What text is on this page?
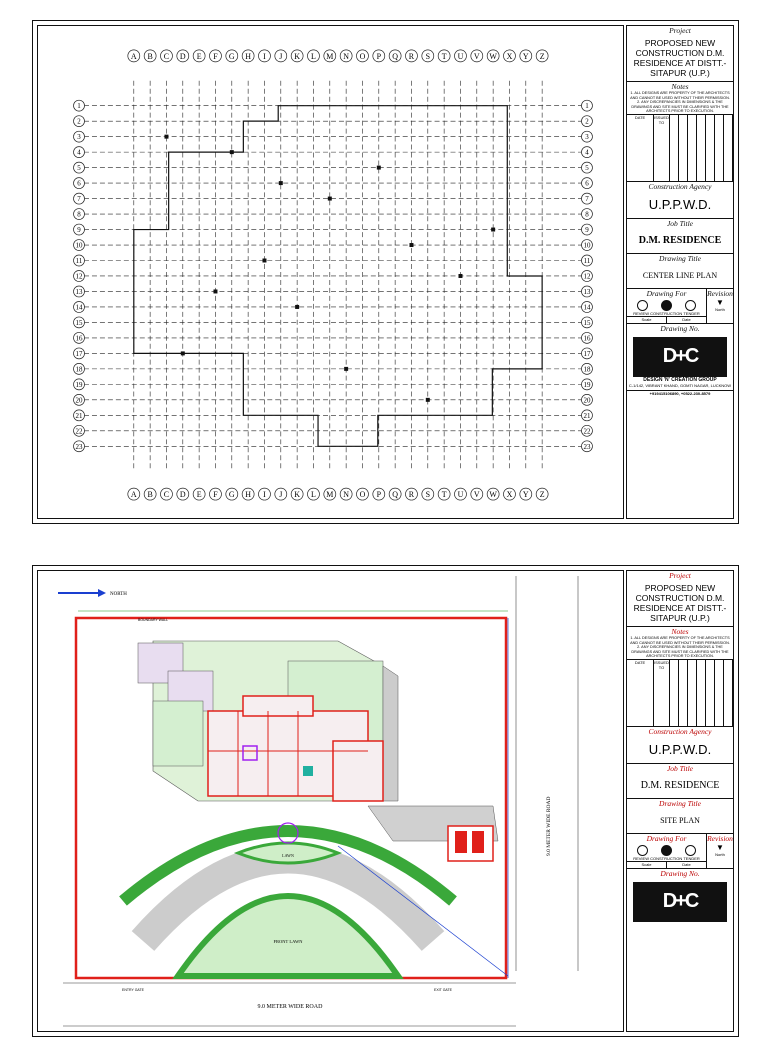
A
A
B
B
C
C
D
D
E
E
F
F
G
G
H
H
I
I
J
J
K
K
L
L
M
M
N
N
O
O
P
P
Q
Q
R
R
S
S
T
T
U
U
V
V
W
W
X
X
Y
Y
Z
Z
1	1
2	2
3	3
4	4
5	5
6	6
7	7
8	8
9	9
10	10
11	11
12	12
13	13
14	14
15	15
16	16
17	17
18	18
19	19
20	20
21	21
22	22
23	23
Project
PROPOSED NEW CONSTRUCTION D.M. RESIDENCE AT DISTT.-SITAPUR (U.P.)
Notes
1. ALL DESIGNS ARE PROPERTY OF THE ARCHITECTS AND CANNOT BE USED WITHOUT THEIR PERMISSION. 2. ANY DISCREPANCIES IN DIMENSIONS & THE DRAWINGS AND SITE MUST BE CLARIFIED WITH THE ARCHITECTS PRIOR TO EXECUTION.
DATE	ISSUED TO
Construction Agency
U.P.P.W.D.
Job Title
D.M. RESIDENCE
Drawing Title
CENTER LINE PLAN
Drawing For
REVIEW CONSTRUCTION TENDER
Scale	Date
Revision
▼
North
Drawing No.
D+C
DESIGN 'N' CREATION GROUP
C-1/142, VIBRANT KHAND, GOMTI NAGAR, LUCKNOW
+919415106890, +0522-230-8579
NORTH
FRONT LAWN
LAWN
ENTRY GATE	EXIT GATE
BOUNDARY WALL
9.0 METER WIDE ROAD
9.0 METER WIDE ROAD
Project
PROPOSED NEW CONSTRUCTION D.M. RESIDENCE AT DISTT.-SITAPUR (U.P.)
Notes
1. ALL DESIGNS ARE PROPERTY OF THE ARCHITECTS AND CANNOT BE USED WITHOUT THEIR PERMISSION. 2. ANY DISCREPANCIES IN DIMENSIONS & THE DRAWINGS AND SITE MUST BE CLARIFIED WITH THE ARCHITECTS PRIOR TO EXECUTION.
DATE	ISSUED TO
Construction Agency
U.P.P.W.D.
Job Title
D.M. RESIDENCE
Drawing Title
SITE PLAN
Drawing For
REVIEW CONSTRUCTION TENDER
Scale	Date
Revision
▼
North
Drawing No.
D+C
